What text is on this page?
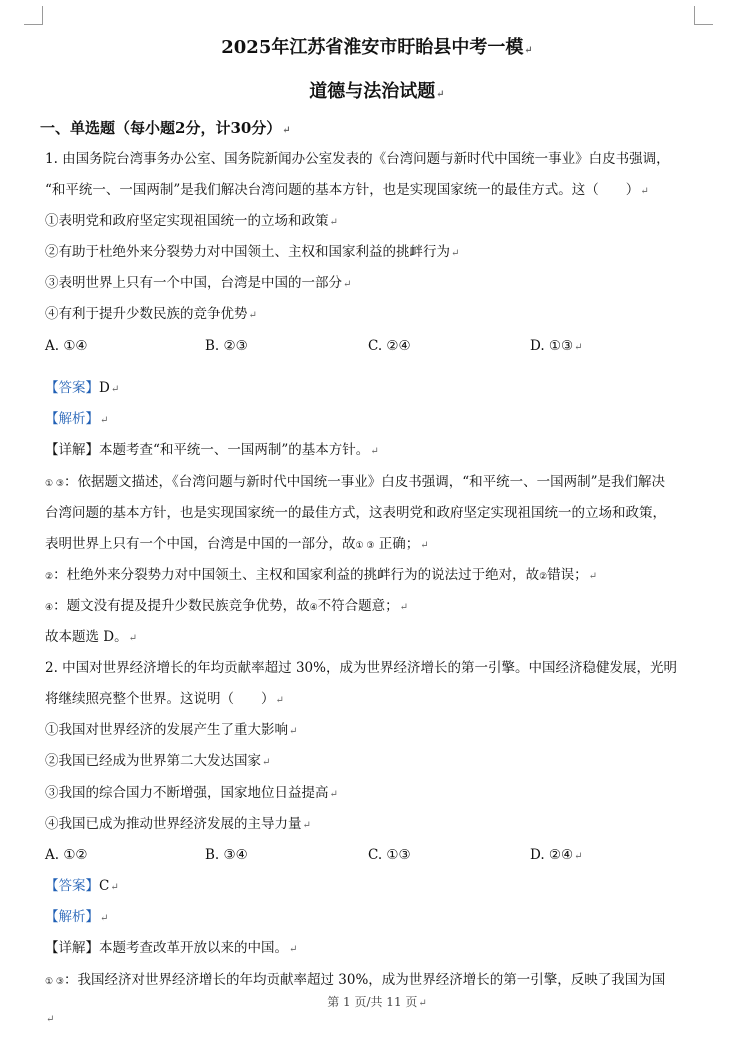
2025年江苏省淮安市盱眙县中考一模↵
道德与法治试题↵
一、单选题（每小题2分，计30分）↵
1. 由国务院台湾事务办公室、国务院新闻办公室发表的《台湾问题与新时代中国统一事业》白皮书强调，
“和平统一、一国两制”是我们解决台湾问题的基本方针，也是实现国家统一的最佳方式。这（　　）↵
①表明党和政府坚定实现祖国统一的立场和政策↵
②有助于杜绝外来分裂势力对中国领土、主权和国家利益的挑衅行为↵
③表明世界上只有一个中国，台湾是中国的一部分↵
④有利于提升少数民族的竞争优势↵
A. ①④	B. ②③	C. ②④	D. ①③↵
【答案】D↵
【解析】↵
【详解】本题考查“和平统一、一国两制”的基本方针。↵
① ③：依据题文描述，《台湾问题与新时代中国统一事业》白皮书强调，“和平统一、一国两制”是我们解决
台湾问题的基本方针，也是实现国家统一的最佳方式，这表明党和政府坚定实现祖国统一的立场和政策，
表明世界上只有一个中国，台湾是中国的一部分，故① ③ 正确；↵
②：杜绝外来分裂势力对中国领土、主权和国家利益的挑衅行为的说法过于绝对，故②错误；↵
④：题文没有提及提升少数民族竞争优势，故④不符合题意；↵
故本题选 D。↵
2. 中国对世界经济增长的年均贡献率超过 30%，成为世界经济增长的第一引擎。中国经济稳健发展，光明
将继续照亮整个世界。这说明（　　）↵
①我国对世界经济的发展产生了重大影响↵
②我国已经成为世界第二大发达国家↵
③我国的综合国力不断增强，国家地位日益提高↵
④我国已成为推动世界经济发展的主导力量↵
A. ①②	B. ③④	C. ①③	D. ②④↵
【答案】C↵
【解析】↵
【详解】本题考查改革开放以来的中国。↵
① ③：我国经济对世界经济增长的年均贡献率超过 30%，成为世界经济增长的第一引擎，反映了我国为国
第 1 页/共 11 页↵
↵
